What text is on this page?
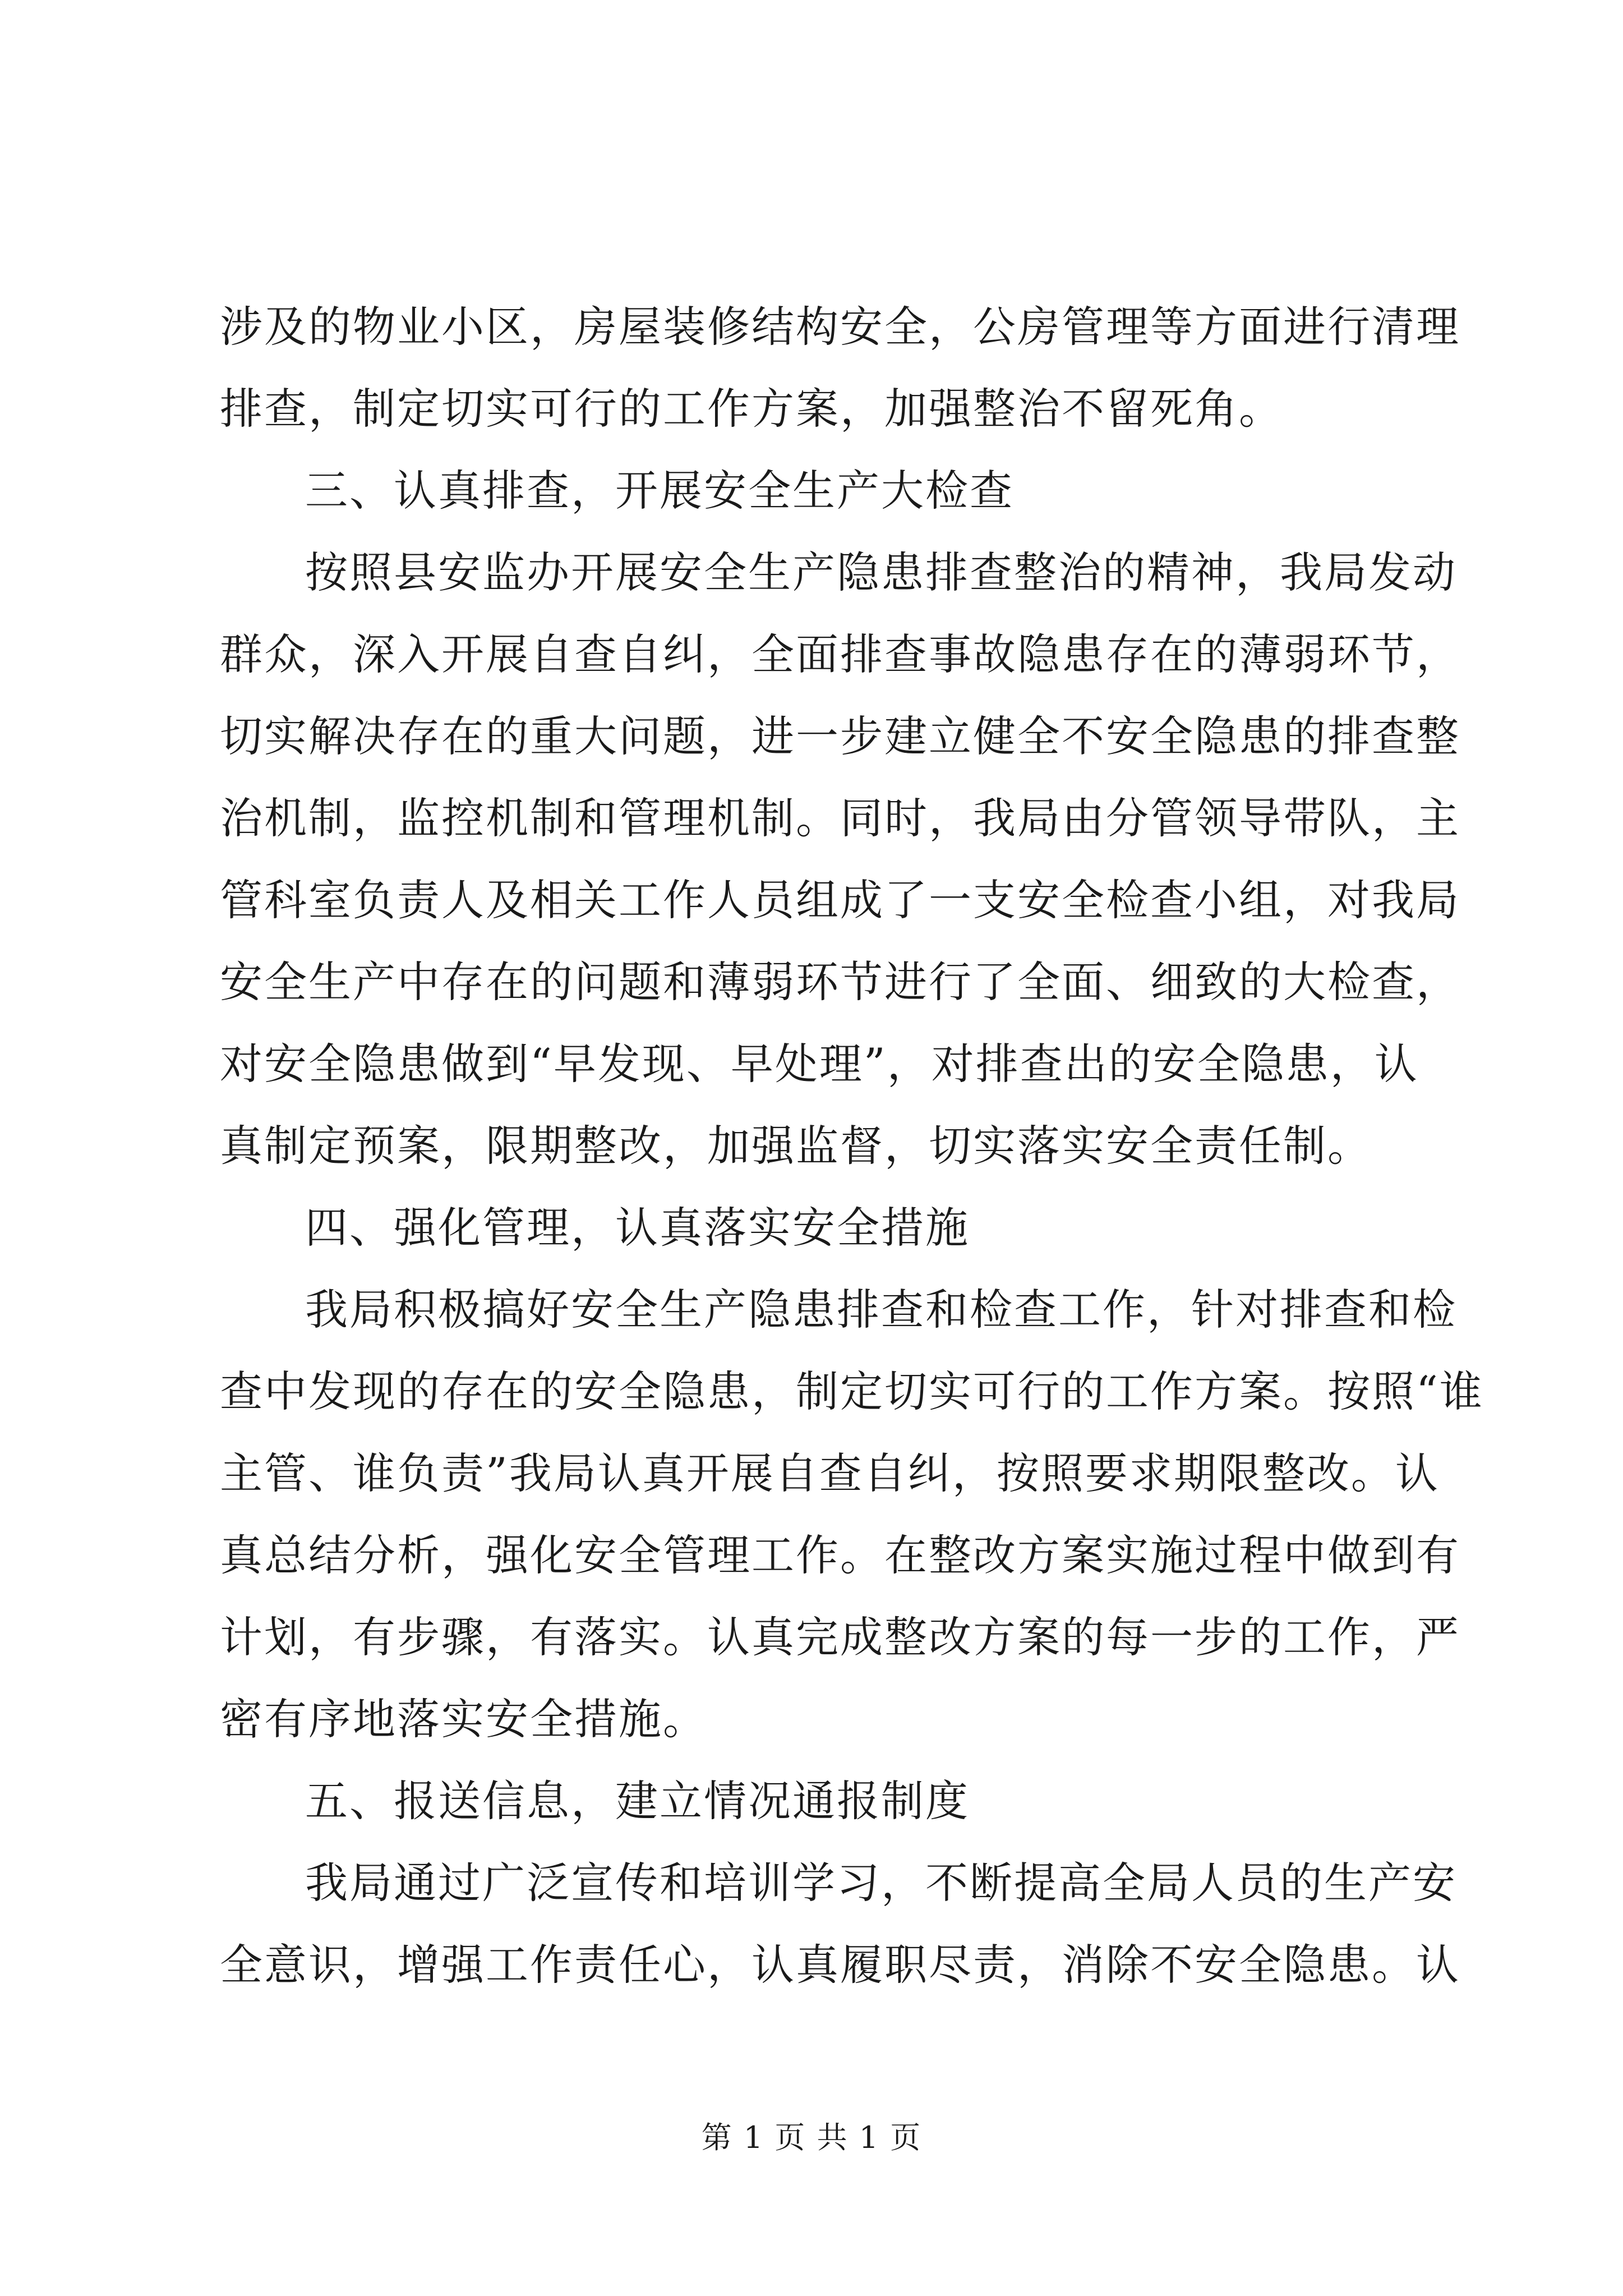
涉及的物业小区，房屋装修结构安全，公房管理等方面进行清理
排查，制定切实可行的工作方案，加强整治不留死角。
三、认真排查，开展安全生产大检查
按照县安监办开展安全生产隐患排查整治的精神，我局发动
群众，深入开展自查自纠，全面排查事故隐患存在的薄弱环节，
切实解决存在的重大问题，进一步建立健全不安全隐患的排查整
治机制，监控机制和管理机制。同时，我局由分管领导带队，主
管科室负责人及相关工作人员组成了一支安全检查小组，对我局
安全生产中存在的问题和薄弱环节进行了全面、细致的大检查，
对安全隐患做到“早发现、早处理”，对排查出的安全隐患，认
真制定预案，限期整改，加强监督，切实落实安全责任制。
四、强化管理，认真落实安全措施
我局积极搞好安全生产隐患排查和检查工作，针对排查和检
查中发现的存在的安全隐患，制定切实可行的工作方案。按照“谁
主管、谁负责”我局认真开展自查自纠，按照要求期限整改。认
真总结分析，强化安全管理工作。在整改方案实施过程中做到有
计划，有步骤，有落实。认真完成整改方案的每一步的工作，严
密有序地落实安全措施。
五、报送信息，建立情况通报制度
我局通过广泛宣传和培训学习，不断提高全局人员的生产安
全意识，增强工作责任心，认真履职尽责，消除不安全隐患。认
第 1 页 共 1 页
